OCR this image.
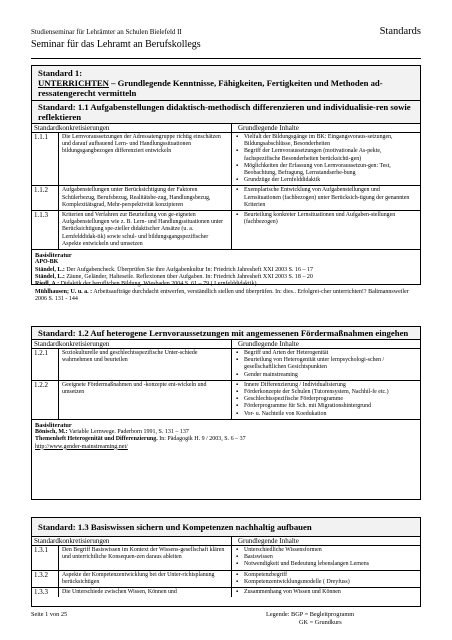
Studienseminar für Lehrämter an Schulen Bielefeld II	Standards
Seminar für das Lehramt an Berufskollegs
Standard 1:
UNTERRICHTEN – Grundlegende Kenntnisse, Fähigkeiten, Fertigkeiten und Methoden ad-ressatengerecht vermitteln
Standard: 1.1 Aufgabenstellungen didaktisch-methodisch differenzieren und individualisie-ren sowie reflektieren
Standardkonkretisierungen	Grundlegende Inhalte
1.1.1	Die Lernvoraussetzungen der Adressatengruppe richtig einschätzen und darauf aufbauend Lern- und Handlungssituationen bildungsgangbezogen differenziert entwickeln
▪ Vielfalt der Bildungsgänge im BK: Eingangsvoraus-setzungen, Bildungsabschlüsse, Besonderheiten
▪ Begriff der Lernvoraussetzungen (motivationale As-pekte, fachspezifische Besonderheiten berücksichti-gen)
▪ Möglichkeiten der Erfassung von Lernvoraussetzun-gen: Test, Beobachtung, Befragung, Lernstandserhe-bung
▪ Grundzüge der Lernfelddidaktik
1.1.2	Aufgabenstellungen unter Berücksichtigung der Faktoren Schülerbezug, Berufsbezug, Realitätsbe-zug, Handlungsbezug, Komplexitätsgrad, Mehr-perspektivität konzipieren
▪ Exemplarische Entwicklung von Aufgabenstellungen und Lernsituationen (fachbezogen) unter Berücksich-tigung der genannten Kriterien
1.1.3	Kriterien und Verfahren zur Beurteilung von ge-eigneten Aufgabenstellungen wie z. B. Lern- und Handlungssituationen unter Berücksichtigung spe-zieller didaktischer Ansätze (u. a. Lernfelddidak-tik) sowie schul- und bildungsgangspezifischer Aspekte entwickeln und umsetzen
▪ Beurteilung konkreter Lernsituationen und Aufgaben-stellungen (fachbezogen)
Basisliteratur
APO-BK
Ständel, L.: Der Aufgabencheck. Überprüfen Sie ihre Aufgabenkultur In: Friedrich Jahresheft XXI 2003 S. 16 – 17
Ständel, L.: Zäune, Geländer, Halteseile. Reflexionen über Aufgaben. In: Friedrich Jahresheft XXI 2003 S. 18 – 20
Riedl, A.: Didaktik der beruflichen Bildung. Wiesbaden 2004 S. 61 – 79 ( Lernfelddidaktik)
Mühlhausen; U. u. a. : Arbeitsaufträge durchdacht entwerfen, verständlich stellen und überprüfen. In: dies.. Erfolgrei-cher unterrichten!? Baltmannsweiler 2006 S. 131 - 144
Standard: 1.2 Auf heterogene Lernvoraussetzungen mit angemessenen Fördermaßnahmen eingehen
Standardkonkretisierungen	Grundlegende Inhalte
1.2.1	Soziokulturelle und geschlechtsspezifische Unter-schiede wahrnehmen und beurteilen
▪ Begriff und Arten der Heterogenität
▪ Beurteilung von Heterogenität unter lernpsychologi-schen / gesellschaftlichen Gesichtspunkten
▪ Gender mainstreaming
1.2.2	Geeignete Fördermaßnahmen und -konzepte ent-wickeln und umsetzen
▪ Innere Differenzierung / Individualisierung
▪ Förderkonzepte der Schulen (Tutorensystem, Nachhil-fe etc.)
▪ Geschlechtsspezifische Förderprogramme
▪ Förderprogramme für Sch. mit Migrationshintergrund
▪ Vor- u. Nachteile von Koedukation
Basisliteratur
Bönisch, M.: Variable Lernwege. Paderborn 1991, S. 131 – 137
Themenheft Heterogenität und Differenzierung. In: Pädagogik H. 9 / 2003, S. 6 – 37
http://www.gender-mainstreaming.net/
Standard: 1.3 Basiswissen sichern und Kompetenzen nachhaltig aufbauen
Standardkonkretisierungen	Grundlegende Inhalte
1.3.1	Den Begriff Basiswissen im Kontext der Wissens-gesellschaft klären und unterrichtliche Konsequen-zen daraus ableiten
▪ Unterschiedliche Wissensformen
▪ Basiswissen
▪ Notwendigkeit und Bedeutung lebenslangen Lernens
1.3.2	Aspekte der Kompetenzentwicklung bei der Unter-richtsplanung berücksichtigen
▪ Kompetenzbegriff
▪ Kompetenzentwicklungsmodelle ( Dreyfuss)
1.3.3	Die Unterschiede zwischen Wissen, Können und
▪	Zusammenhang von Wissen und Können
Seite 1 von 25	Legende: BGP = Begleitprogramm
GK = Grundkurs
